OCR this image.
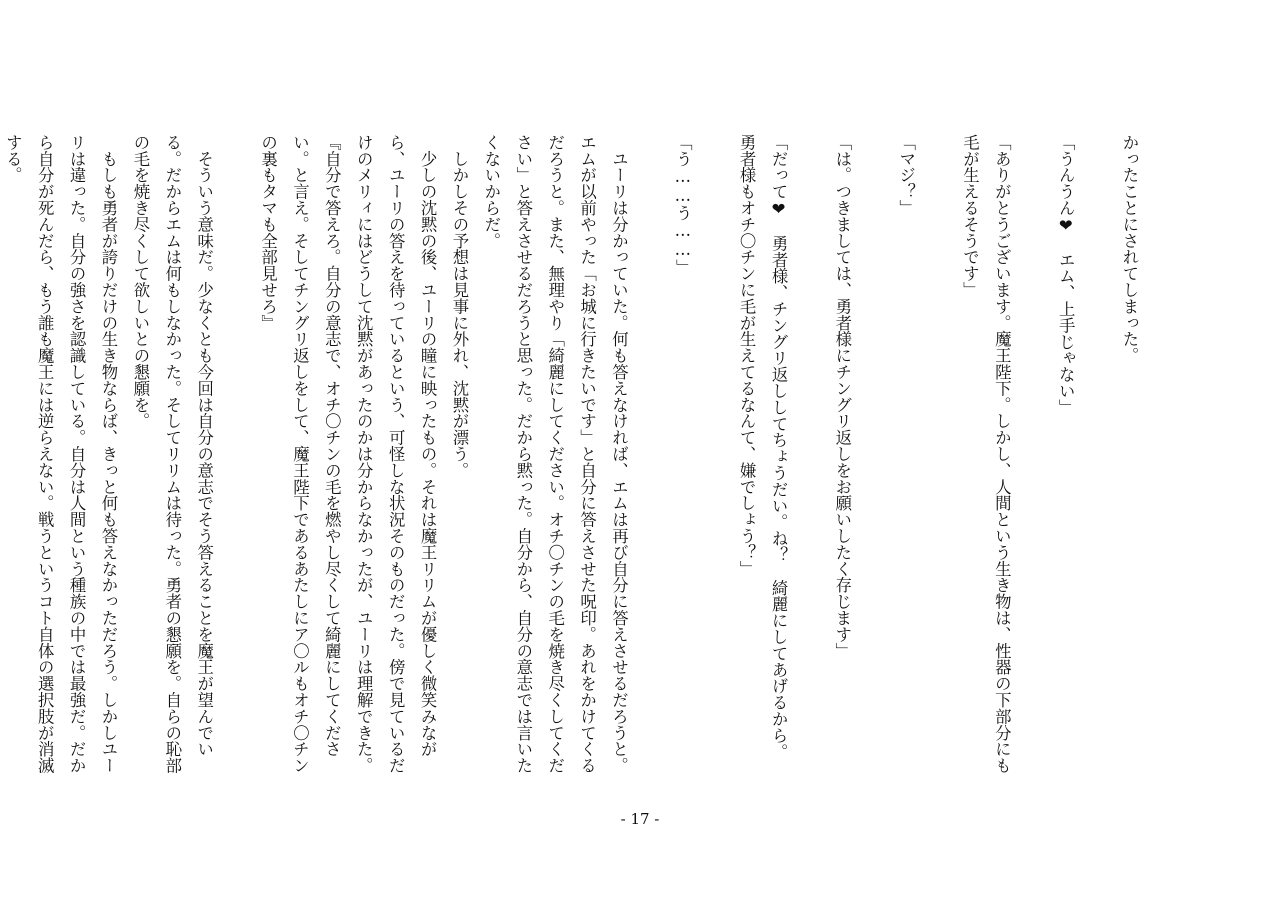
かったことにされてしまった。

「うんうん❤　エム、上手じゃない」

「ありがとうございます。魔王陛下。しかし、人間という生き物は、性器の下部分にも毛が生えるそうです」

「マジ？」

「は。つきましては、勇者様にチングリ返しをお願いしたく存じます」

「だって❤　勇者様、チングリ返ししてちょうだい。ね？　綺麗にしてあげるから。勇者様もオチ〇チンに毛が生えてるなんて、嫌でしょう？」

「う……う……」

　ユーリは分かっていた。何も答えなければ、エムは再び自分に答えさせるだろうと。エムが以前やった「お城に行きたいです」と自分に答えさせた呪印。あれをかけてくるだろうと。また、無理やり「綺麗にしてください。オチ〇チンの毛を焼き尽くしてください」と答えさせるだろうと思った。だから黙った。自分から、自分の意志では言いたくないからだ。

　しかしその予想は見事に外れ、沈黙が漂う。

　少しの沈黙の後、ユーリの瞳に映ったもの。それは魔王リリムが優しく微笑みながら、ユーリの答えを待っているという、可怪しな状況そのものだった。傍で見ているだけのメリィにはどうして沈黙があったのかは分からなかったが、ユーリは理解できた。

『自分で答えろ。自分の意志で、オチ〇チンの毛を燃やし尽くして綺麗にしてください。と言え。そしてチングリ返しをして、魔王陛下であるあたしにア〇ルもオチ〇チンの裏もタマも全部見せろ』

　そういう意味だ。少なくとも今回は自分の意志でそう答えることを魔王が望んでいる。だからエムは何もしなかった。そしてリリムは待った。勇者の懇願を。自らの恥部の毛を焼き尽くして欲しいとの懇願を。

　もしも勇者が誇りだけの生き物ならば、きっと何も答えなかっただろう。しかしユーリは違った。自分の強さを認識している。自分は人間という種族の中では最強だ。だから自分が死んだら、もう誰も魔王には逆らえない。戦うというコト自体の選択肢が消滅する。

- 17 -
